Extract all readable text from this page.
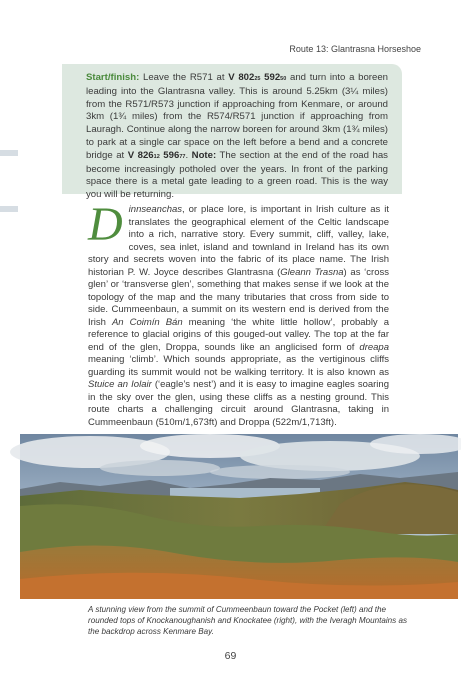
Route 13: Glantrasna Horseshoe
Start/finish: Leave the R571 at V 80225 59250 and turn into a boreen leading into the Glantrasna valley. This is around 5.25km (3¼ miles) from the R571/R573 junction if approaching from Kenmare, or around 3km (1¾ miles) from the R574/R571 junction if approaching from Lauragh. Continue along the narrow boreen for around 3km (1¾ miles) to park at a single car space on the left before a bend and a concrete bridge at V 82612 59677. Note: The section at the end of the road has become increasingly potholed over the years. In front of the parking space there is a metal gate leading to a green road. This is the way you will be returning.
Dinnseanchas, or place lore, is important in Irish culture as it translates the geographical element of the Celtic landscape into a rich, narrative story. Every summit, cliff, valley, lake, coves, sea inlet, island and townland in Ireland has its own story and secrets woven into the fabric of its place name. The Irish historian P. W. Joyce describes Glantrasna (Gleann Trasna) as ‘cross glen’ or ‘transverse glen’, something that makes sense if we look at the topology of the map and the many tributaries that cross from side to side. Cummeenbaun, a summit on its western end is derived from the Irish An Coimín Bán meaning ‘the white little hollow’, probably a reference to glacial origins of this gouged-out valley. The top at the far end of the glen, Droppa, sounds like an anglicised form of dreapa meaning ‘climb’. Which sounds appropriate, as the vertiginous cliffs guarding its summit would not be walking territory. It is also known as Stuice an Iolair (‘eagle’s nest’) and it is easy to imagine eagles soaring in the sky over the glen, using these cliffs as a nesting ground. This route charts a challenging circuit around Glantrasna, taking in Cummeenbaun (510m/1,673ft) and Droppa (522m/1,713ft).
A stunning view from the summit of Cummeenbaun toward the Pocket (left) and the rounded tops of Knockanoughanish and Knockatee (right), with the Iveragh Mountains as the backdrop across Kenmare Bay.
69
